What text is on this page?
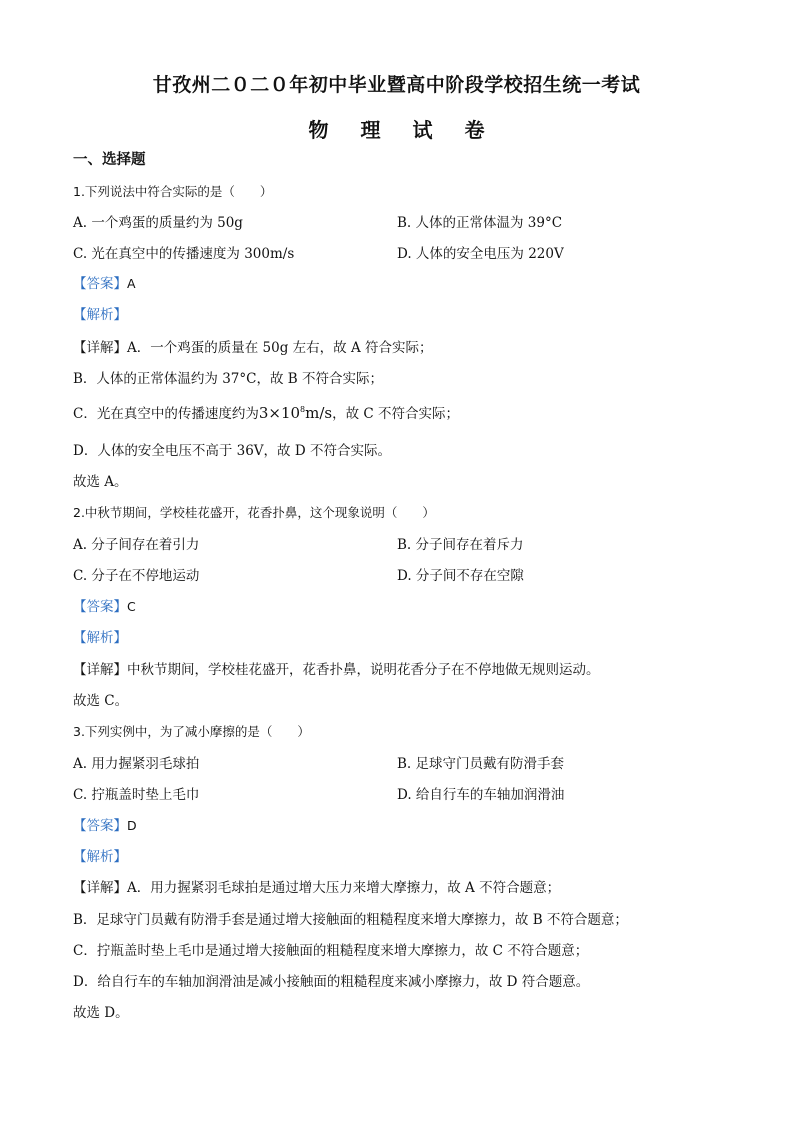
甘孜州二０二０年初中毕业暨高中阶段学校招生统一考试
物 理 试 卷
一、选择题
1.下列说法中符合实际的是（　　）
A. 一个鸡蛋的质量约为 50g	B. 人体的正常体温为 39°C
C. 光在真空中的传播速度为 300m/s	D. 人体的安全电压为 220V
【答案】A
【解析】
【详解】A．一个鸡蛋的质量在 50g 左右，故 A 符合实际；
B．人体的正常体温约为 37°C，故 B 不符合实际；
C．光在真空中的传播速度约为$3\times 10^8m/s$，故 C 不符合实际；
D．人体的安全电压不高于 36V，故 D 不符合实际。
故选 A。
2.中秋节期间，学校桂花盛开，花香扑鼻，这个现象说明（　　）
A. 分子间存在着引力	B. 分子间存在着斥力
C. 分子在不停地运动	D. 分子间不存在空隙
【答案】C
【解析】
【详解】中秋节期间，学校桂花盛开，花香扑鼻，说明花香分子在不停地做无规则运动。
故选 C。
3.下列实例中，为了减小摩擦的是（　　）
A. 用力握紧羽毛球拍	B. 足球守门员戴有防滑手套
C. 拧瓶盖时垫上毛巾	D. 给自行车的车轴加润滑油
【答案】D
【解析】
【详解】A．用力握紧羽毛球拍是通过增大压力来增大摩擦力，故 A 不符合题意；
B．足球守门员戴有防滑手套是通过增大接触面的粗糙程度来增大摩擦力，故 B 不符合题意；
C．拧瓶盖时垫上毛巾是通过增大接触面的粗糙程度来增大摩擦力，故 C 不符合题意；
D．给自行车的车轴加润滑油是减小接触面的粗糙程度来减小摩擦力，故 D 符合题意。
故选 D。
